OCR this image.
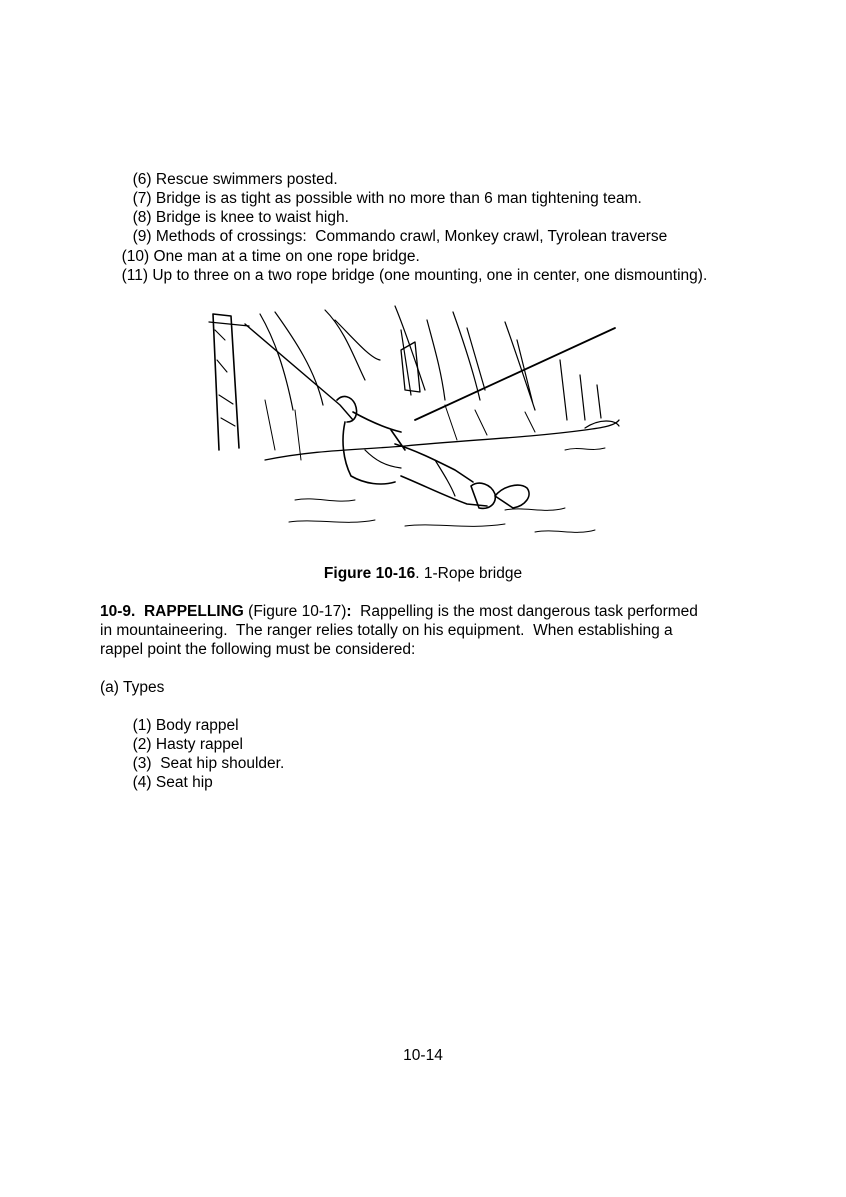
(6) Rescue swimmers posted.

(7) Bridge is as tight as possible with no more than 6 man tightening team.

(8) Bridge is knee to waist high.

(9) Methods of crossings:  Commando crawl, Monkey crawl, Tyrolean traverse

(10) One man at a time on one rope bridge.

(11) Up to three on a two rope bridge (one mounting, one in center, one dismounting).

Figure 10-16. 1-Rope bridge
10-9. RAPPELLING (Figure 10-17):  Rappelling is the most dangerous task performed
in mountaineering.  The ranger relies totally on his equipment.  When establishing a
rappel point the following must be considered:
(a) Types

(1) Body rappel

(2) Hasty rappel

(3)  Seat hip shoulder.

(4) Seat hip

10-14
